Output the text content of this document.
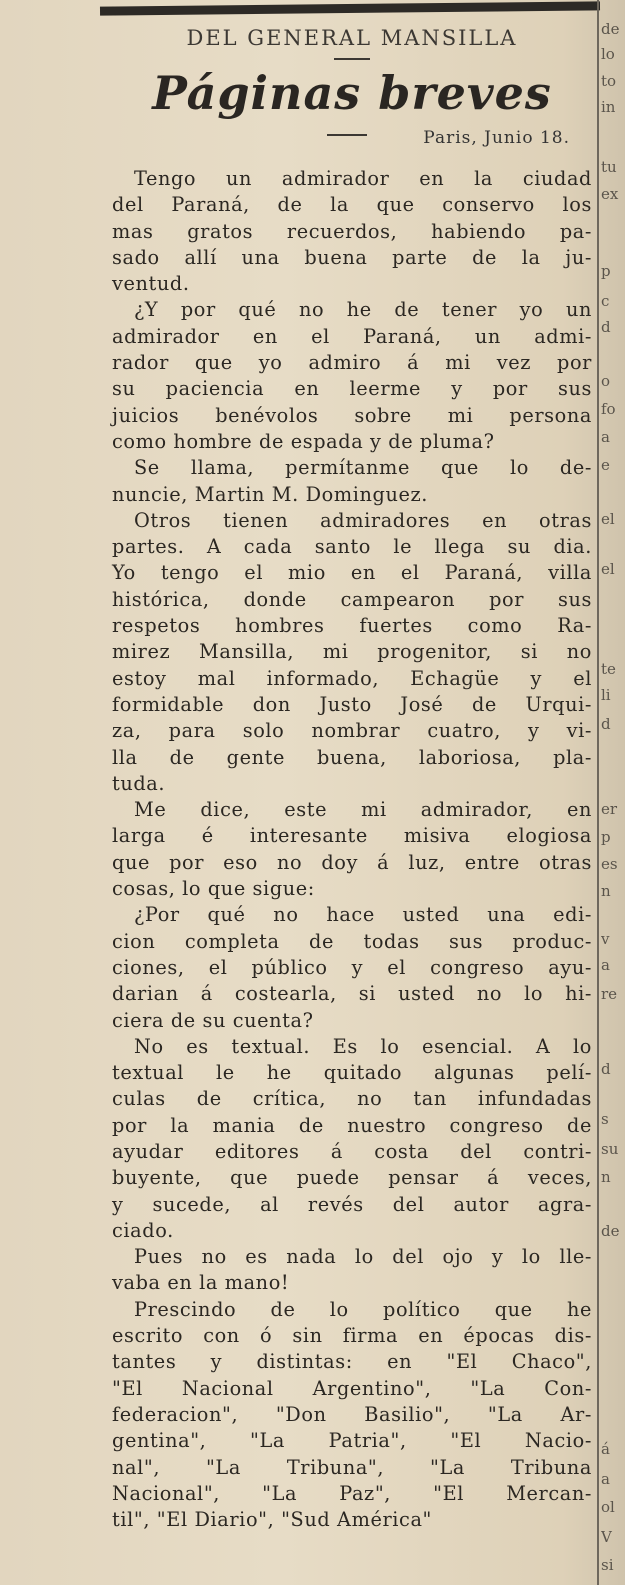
DEL GENERAL MANSILLA
Páginas breves
Paris, Junio 18.

Tengo un admirador en la ciudad
del Paraná, de la que conservo los
mas gratos recuerdos, habiendo pa-
sado allí una buena parte de la ju-
ventud.

¿Y por qué no he de tener yo un
admirador en el Paraná, un admi-
rador que yo admiro á mi vez por
su paciencia en leerme y por sus
juicios benévolos sobre mi persona
como hombre de espada y de pluma?

Se llama, permítanme que lo de-
nuncie, Martin M. Dominguez.

Otros tienen admiradores en otras
partes. A cada santo le llega su dia.
Yo tengo el mio en el Paraná, villa
histórica, donde campearon por sus
respetos hombres fuertes como Ra-
mirez Mansilla, mi progenitor, si no
estoy mal informado, Echagüe y el
formidable don Justo José de Urqui-
za, para solo nombrar cuatro, y vi-
lla de gente buena, laboriosa, pla-
tuda.

Me dice, este mi admirador, en
larga é interesante misiva elogiosa
que por eso no doy á luz, entre otras
cosas, lo que sigue:

¿Por qué no hace usted una edi-
cion completa de todas sus produc-
ciones, el público y el congreso ayu-
darian á costearla, si usted no lo hi-
ciera de su cuenta?

No es textual. Es lo esencial. A lo
textual le he quitado algunas pelí-
culas de crítica, no tan infundadas
por la mania de nuestro congreso de
ayudar editores á costa del contri-
buyente, que puede pensar á veces,
y sucede, al revés del autor agra-
ciado.

Pues no es nada lo del ojo y lo lle-
vaba en la mano!

Prescindo de lo político que he
escrito con ó sin firma en épocas dis-
tantes y distintas: en "El Chaco",
"El Nacional Argentino", "La Con-
federacion", "Don Basilio", "La Ar-
gentina", "La Patria", "El Nacio-
nal", "La Tribuna", "La Tribuna
Nacional", "La Paz", "El Mercan-
til", "El Diario", "Sud América"

de
lo
to
in
tu
ex
p
c
d
o
fo
a
e
el
el
te
li
d
er
p
es
n
v
a
re
d
s
su
n
de
á
a
ol
V
si
